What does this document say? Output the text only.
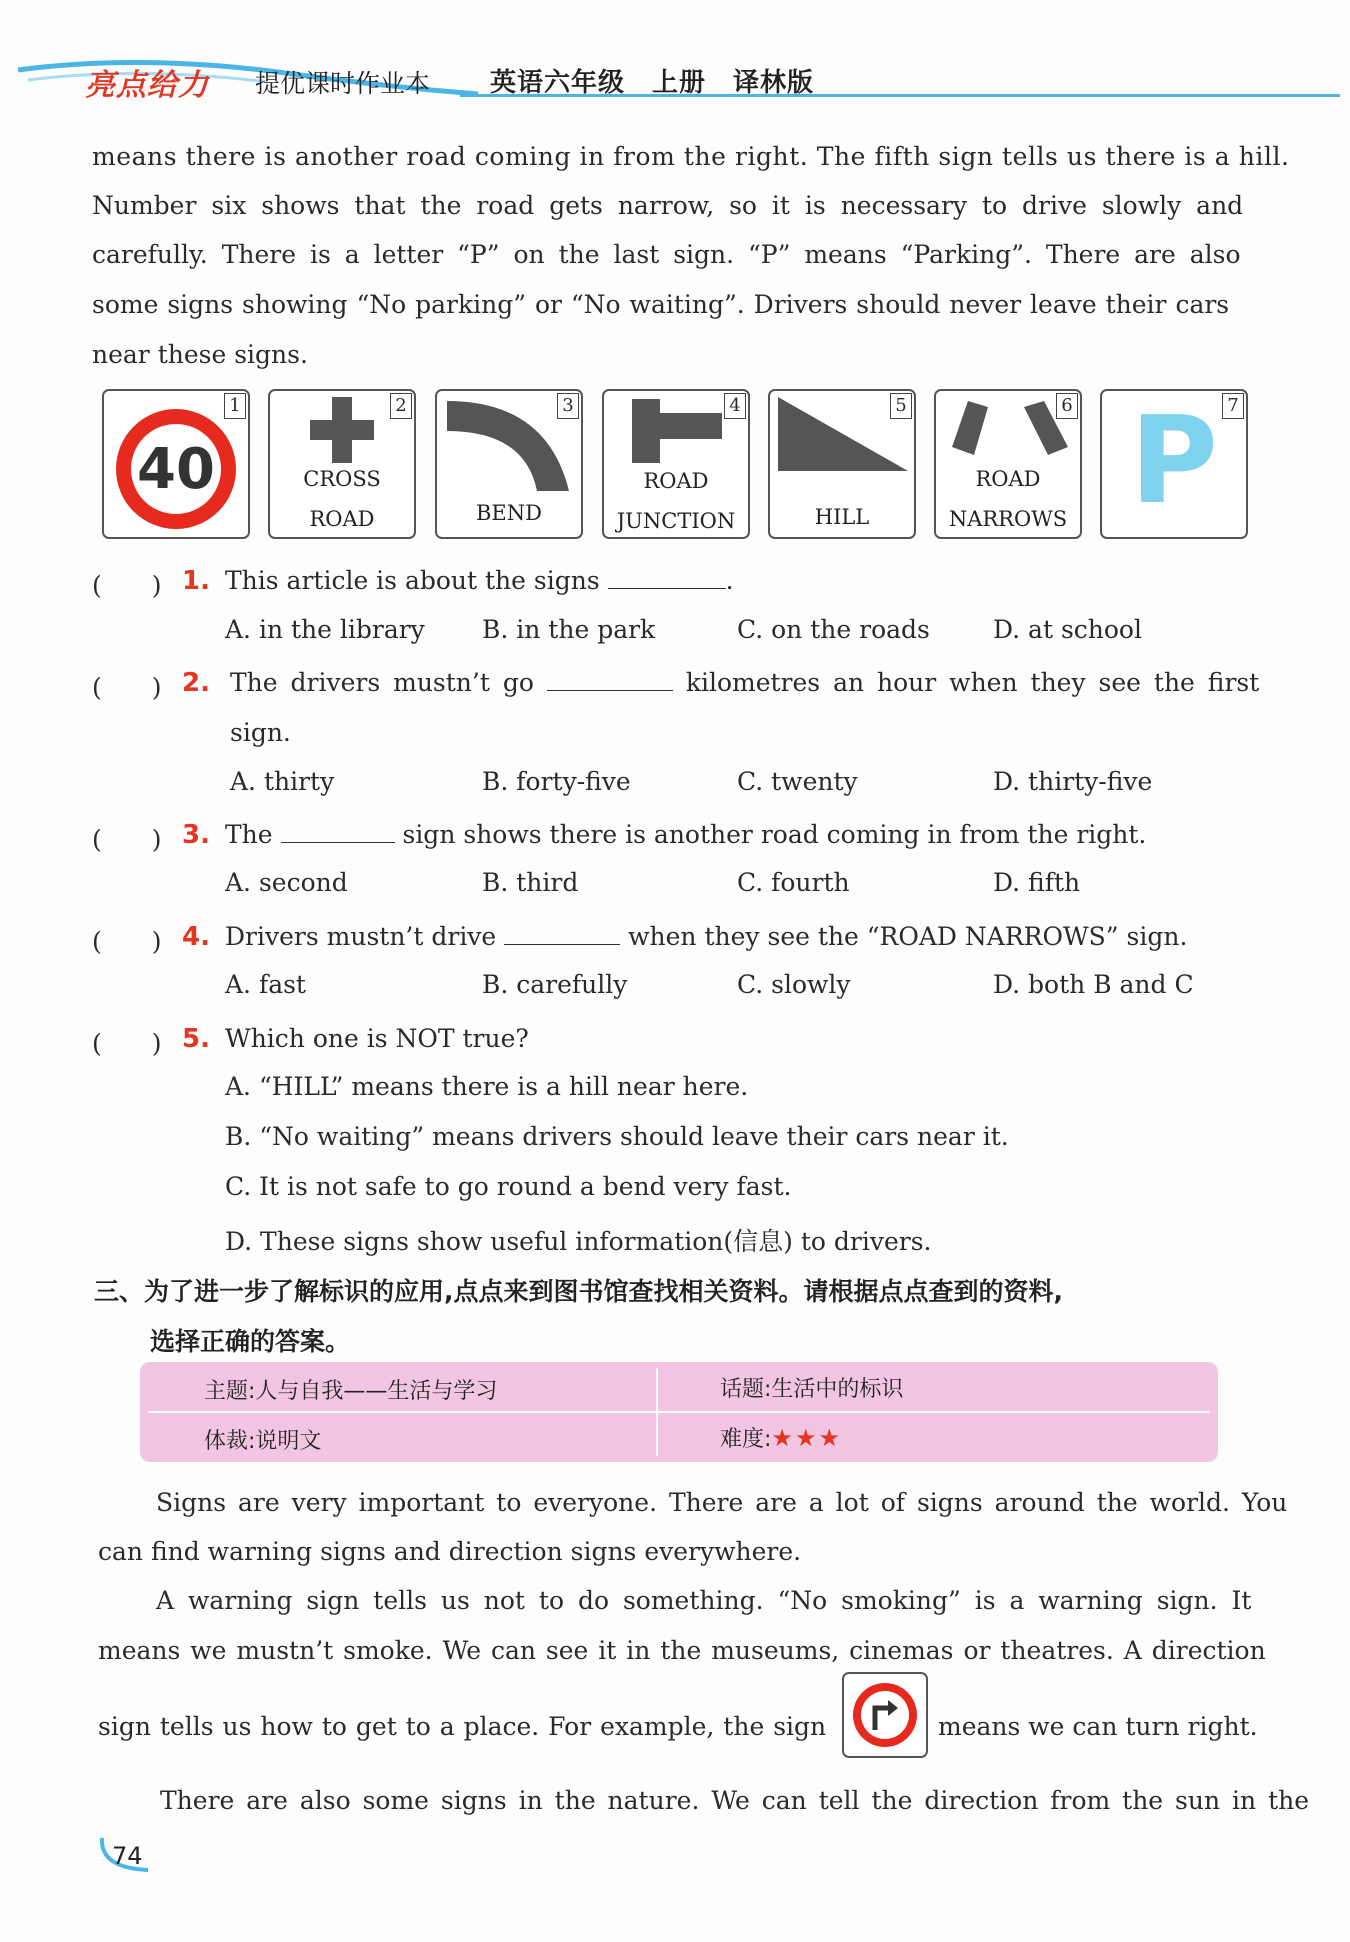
亮点给力 提优课时作业本 英语六年级　上册　译林版
means there is another road coming in from the right. The fifth sign tells us there is a hill.
Number six shows that the road gets narrow, so it is necessary to drive slowly and
carefully. There is a letter “P” on the last sign. “P” means “Parking”. There are also
some signs showing “No parking” or “No waiting”. Drivers should never leave their cars
near these signs.
1
40
2
CROSS
ROAD
3
BEND
4
ROAD
JUNCTION
5
HILL
6
ROAD
NARROWS
7
P
(　　) 1. This article is about the signs	.
A. in the library B. in the park	C. on the roads	D. at school
(　　) 2. The drivers mustn’t go	kilometres an hour when they see the first
sign.
A. thirty	B. forty-five	C. twenty	D. thirty-five
(　　) 3. The	sign shows there is another road coming in from the right.
A. second	B. third	C. fourth	D. fifth
(　　) 4. Drivers mustn’t drive	when they see the “ROAD NARROWS” sign.
A. fast	B. carefully	C. slowly	D. both B and C
(　　) 5. Which one is NOT true?
A. “HILL” means there is a hill near here.
B. “No waiting” means drivers should leave their cars near it.
C. It is not safe to go round a bend very fast.
D. These signs show useful information(信息) to drivers.
三、为了进一步了解标识的应用,点点来到图书馆查找相关资料。请根据点点查到的资料,
选择正确的答案。
主题:人与自我——生活与学习	话题:生活中的标识
体裁:说明文	难度:★★★
Signs are very important to everyone. There are a lot of signs around the world. You
can find warning signs and direction signs everywhere.
A warning sign tells us not to do something. “No smoking” is a warning sign. It
means we mustn’t smoke. We can see it in the museums, cinemas or theatres. A direction
sign tells us how to get to a place. For example, the sign	means we can turn right.
There are also some signs in the nature. We can tell the direction from the sun in the
74
